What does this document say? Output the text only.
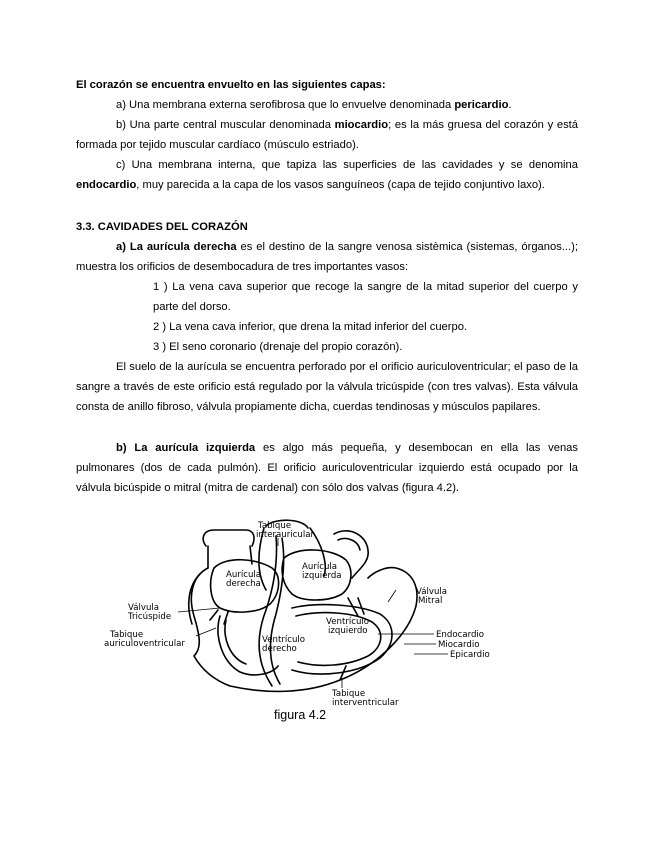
El corazón se encuentra envuelto en las siguientes capas:

a) Una membrana externa serofibrosa que lo envuelve denominada pericardio.

b) Una parte central muscular denominada miocardio; es la más gruesa del corazón y está formada por tejido muscular cardíaco (músculo estriado).

c) Una membrana interna, que tapiza las superficies de las cavidades y se denomina endocardio, muy parecida a la capa de los vasos sanguíneos (capa de tejido conjuntivo laxo).

3.3. CAVIDADES DEL CORAZÓN

a) La aurícula derecha es el destino de la sangre venosa sistèmica (sistemas, órganos...); muestra los orificios de desembocadura de tres importantes vasos:

1 ) La vena cava superior que recoge la sangre de la mitad superior del cuerpo y parte del dorso.

2 ) La vena cava inferior, que drena la mitad inferior del cuerpo.

3 ) El seno coronario (drenaje del propio corazón).

El suelo de la aurícula se encuentra perforado por el orificio auriculoventricular; el paso de la sangre a través de este orificio está regulado por la válvula tricúspide (con tres valvas). Esta válvula consta de anillo fibroso, válvula propiamente dicha, cuerdas tendinosas y músculos papilares.

b) La aurícula izquierda es algo más pequeña, y desembocan en ella las venas pulmonares (dos de cada pulmón). El orificio auriculoventricular izquierdo está ocupado por la válvula bicúspide o mitral (mitra de cardenal) con sólo dos valvas (figura 4.2).

Tabique
interauricular
Aurícula
derecha
Aurícula
izquierda
Válvula
Mitral
Válvula
Tricúspide
Tabique
auriculoventricular
Ventrículo
izquierdo
Ventrículo
derecho
Endocardio
Miocardio
Epicardio
Tabique
interventricular
figura 4.2
